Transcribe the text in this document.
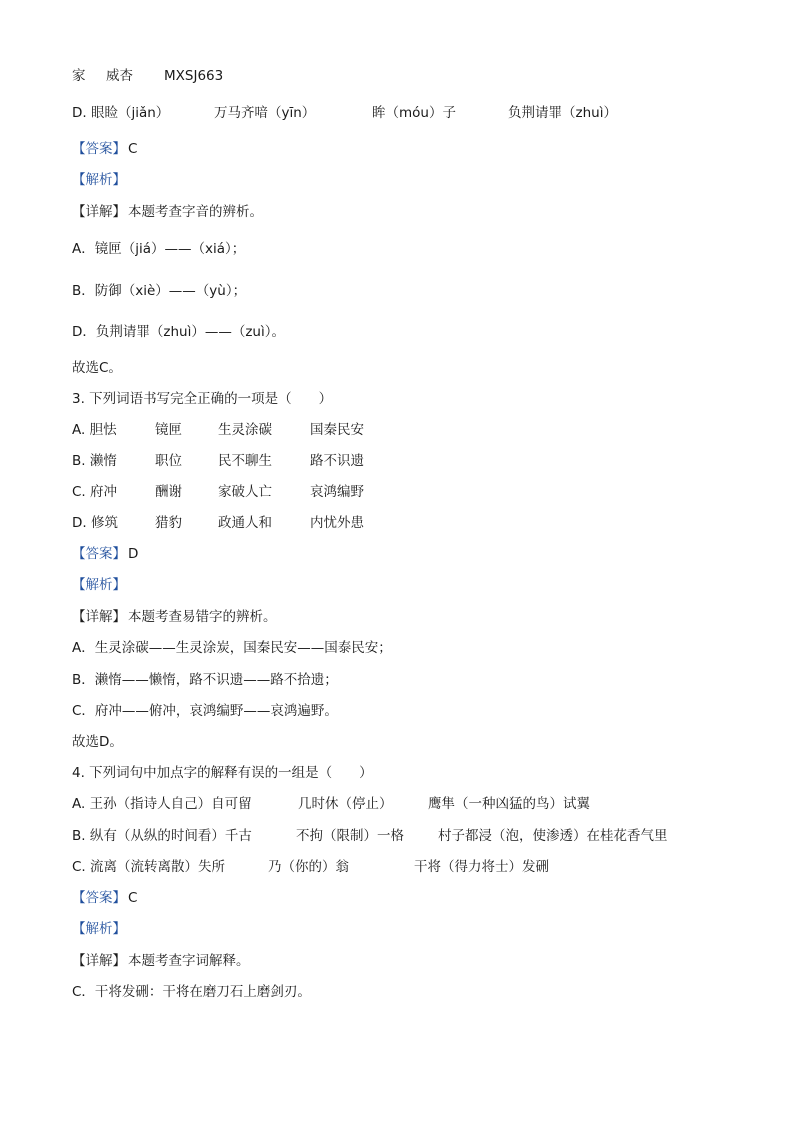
家 威杏 MXSJ663
D. 眼睑（jiǎn）	万马齐喑（yīn）	眸（móu）子	负荆请罪（zhuì）
【答案】 C
【解析】
【详解】 本题考查字音的辨析。
A．镜匣（jiá）——（xiá）；
B．防御（xiè）——（yù）；
D．负荆请罪（zhuì）——（zuì）。
故选C。
3. 下列词语书写完全正确的一项是（　　）
A. 胆怯	镜匣	生灵涂碳	国秦民安
B. 濑惰	职位	民不聊生	路不识遗
C. 府冲	酬谢	家破人亡	哀鸿编野
D. 修筑	猎豹	政通人和	内忧外患
【答案】 D
【解析】
【详解】 本题考查易错字的辨析。
A．生灵涂碳——生灵涂炭，国秦民安——国泰民安；
B．濑惰——懒惰，路不识遗——路不拾遗；
C．府冲——俯冲，哀鸿编野——哀鸿遍野。
故选D。
4. 下列词句中加点字的解释有误的一组是（　　）
A. 王孙（指诗人自己）自可留	几时休（停止）	鹰隼（一种凶猛的鸟）试翼
B. 纵有（从纵的时间看）千古	不拘（限制）一格	村子都浸（泡，使渗透）在桂花香气里
C. 流离（流转离散）失所	乃（你的）翁	干将（得力将士）发硎
【答案】 C
【解析】
【详解】 本题考查字词解释。
C．干将发硎：干将在磨刀石上磨剑刃。
